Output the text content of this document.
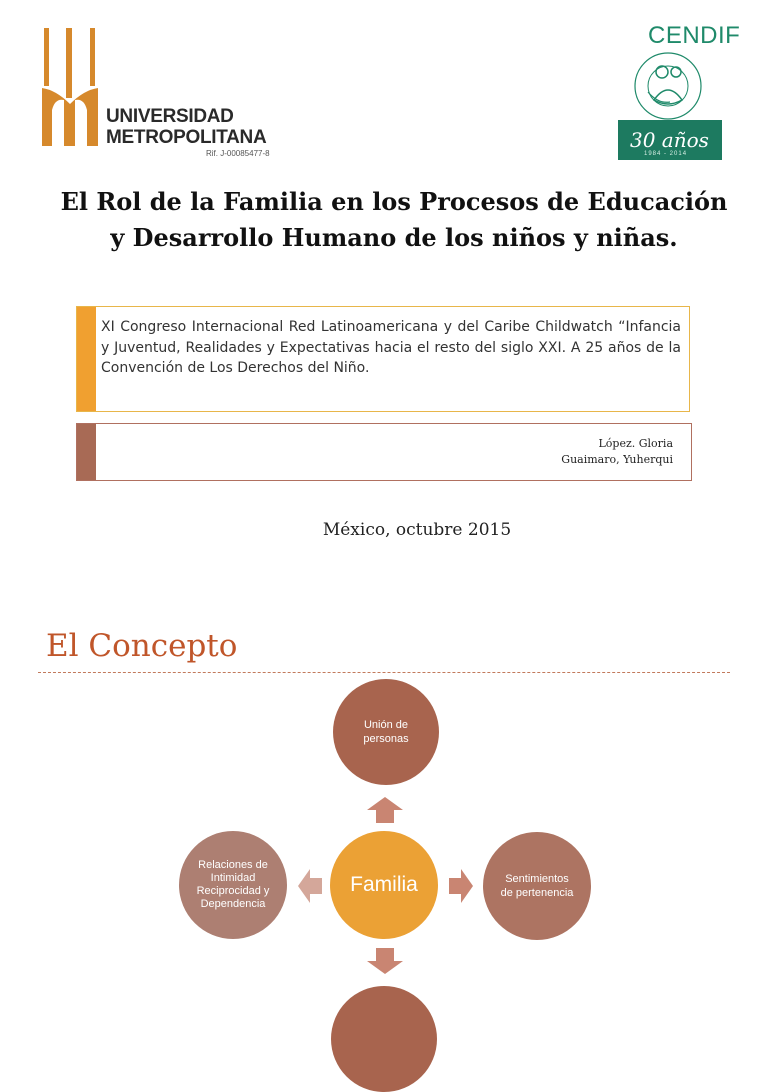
UNIVERSIDAD
METROPOLITANA
Rif. J-00085477-8
CENDIF
30 años
1984 - 2014
El Rol de la Familia en los Procesos de Educación y Desarrollo Humano de los niños y niñas.
XI Congreso Internacional Red Latinoamericana y del Caribe Childwatch “Infancia y Juventud, Realidades y Expectativas hacia el resto del siglo XXI. A 25 años de la Convención de Los Derechos del Niño.
López. Gloria
Guaimaro, Yuherqui
México, octubre 2015
El Concepto
Unión de personas
Relaciones de Intimidad Reciprocidad y Dependencia
Familia	Sentimientos de pertenencia
